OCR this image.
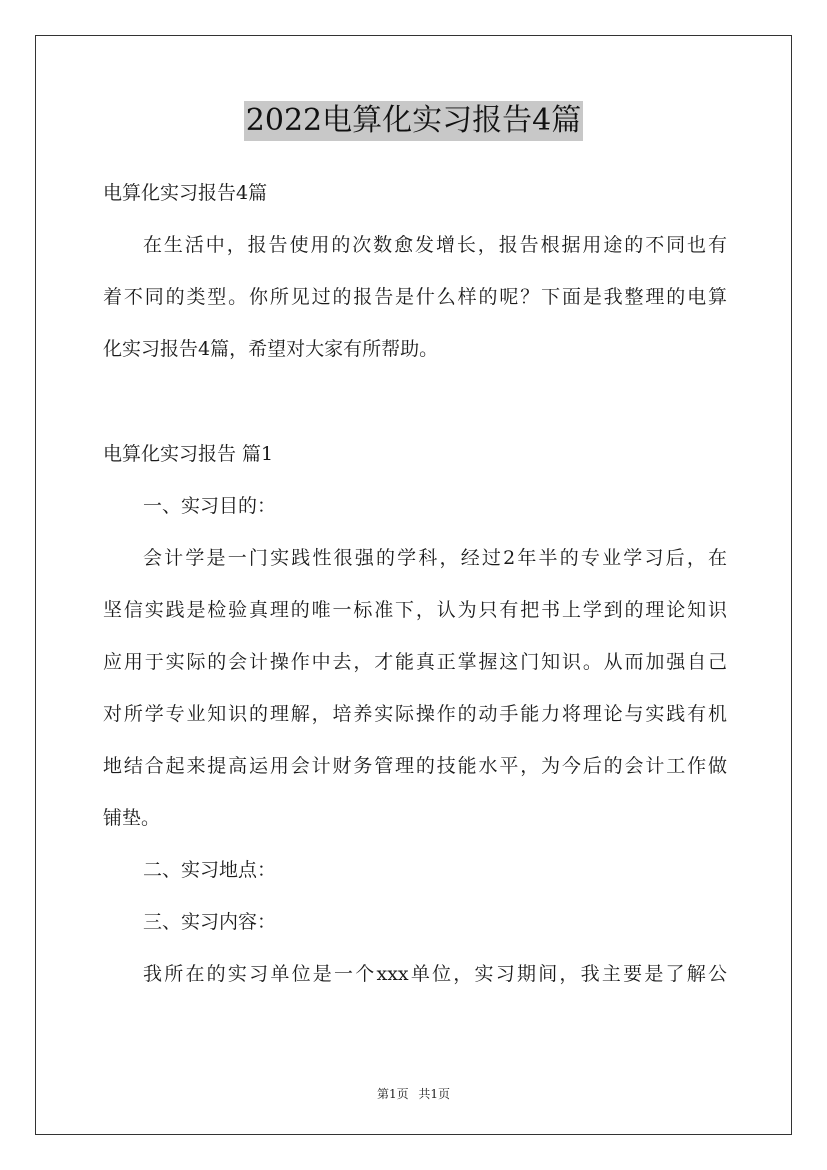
2022电算化实习报告4篇
电算化实习报告4篇
在生活中，报告使用的次数愈发增长，报告根据用途的不同也有
着不同的类型。你所见过的报告是什么样的呢？下面是我整理的电算
化实习报告4篇，希望对大家有所帮助。
电算化实习报告 篇1
一、实习目的：
会计学是一门实践性很强的学科，经过2年半的专业学习后，在
坚信实践是检验真理的唯一标准下，认为只有把书上学到的理论知识
应用于实际的会计操作中去，才能真正掌握这门知识。从而加强自己
对所学专业知识的理解，培养实际操作的动手能力将理论与实践有机
地结合起来提高运用会计财务管理的技能水平，为今后的会计工作做
铺垫。
二、实习地点：
三、实习内容：
我所在的实习单位是一个xxx单位，实习期间，我主要是了解公
第1页 共1页
